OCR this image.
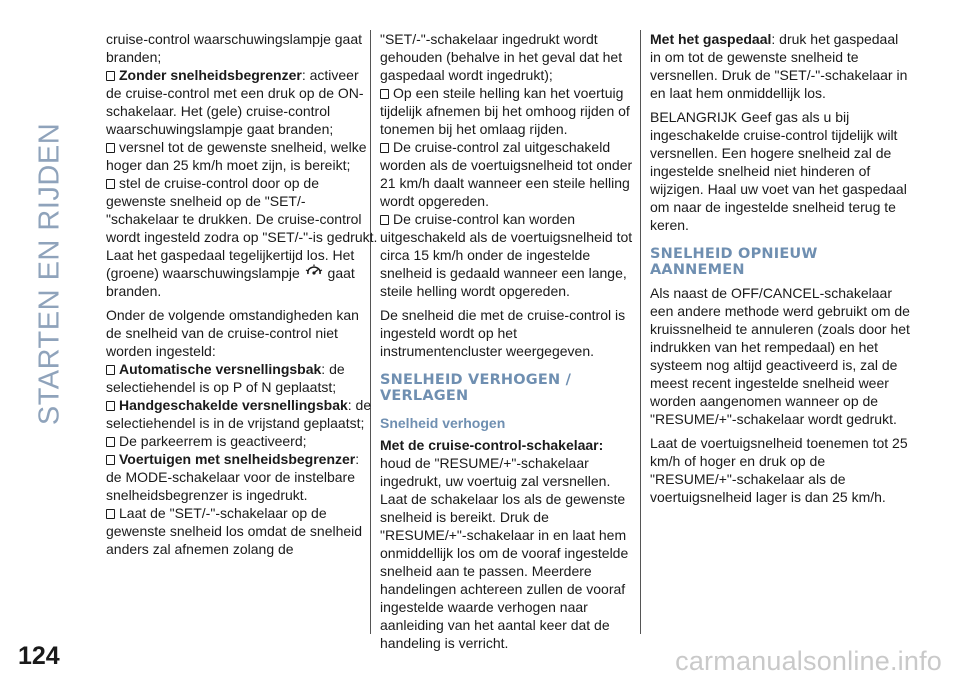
STARTEN EN RIJDEN
124	carmanualsonline.info
cruise-control waarschuwingslampje gaat branden;
Zonder snelheidsbegrenzer: activeer de cruise-control met een druk op de ON-schakelaar. Het (gele) cruise-control waarschuwingslampje gaat branden;
versnel tot de gewenste snelheid, welke hoger dan 25 km/h moet zijn, is bereikt;
stel de cruise-control door op de gewenste snelheid op de "SET/-"schakelaar te drukken. De cruise-control wordt ingesteld zodra op "SET/-"-is gedrukt. Laat het gaspedaal tegelijkertijd los. Het (groene) waarschuwingslampje gaat branden.
Onder de volgende omstandigheden kan de snelheid van de cruise-control niet worden ingesteld:
Automatische versnellingsbak: de selectiehendel is op P of N geplaatst;
Handgeschakelde versnellingsbak: de selectiehendel is in de vrijstand geplaatst;
De parkeerrem is geactiveerd;
Voertuigen met snelheidsbegrenzer: de MODE-schakelaar voor de instelbare snelheidsbegrenzer is ingedrukt.
Laat de "SET/-"-schakelaar op de gewenste snelheid los omdat de snelheid anders zal afnemen zolang de
"SET/-"-schakelaar ingedrukt wordt gehouden (behalve in het geval dat het gaspedaal wordt ingedrukt);
Op een steile helling kan het voertuig tijdelijk afnemen bij het omhoog rijden of tonemen bij het omlaag rijden.
De cruise-control zal uitgeschakeld worden als de voertuigsnelheid tot onder 21 km/h daalt wanneer een steile helling wordt opgereden.
De cruise-control kan worden uitgeschakeld als de voertuigsnelheid tot circa 15 km/h onder de ingestelde snelheid is gedaald wanneer een lange, steile helling wordt opgereden.
De snelheid die met de cruise-control is ingesteld wordt op het instrumentencluster weergegeven.
SNELHEID VERHOGEN / VERLAGEN
Snelheid verhogen
Met de cruise-control-schakelaar:
houd de "RESUME/+"-schakelaar ingedrukt, uw voertuig zal versnellen. Laat de schakelaar los als de gewenste snelheid is bereikt. Druk de "RESUME/+"-schakelaar in en laat hem onmiddellijk los om de vooraf ingestelde snelheid aan te passen. Meerdere handelingen achtereen zullen de vooraf ingestelde waarde verhogen naar aanleiding van het aantal keer dat de handeling is verricht.
Met het gaspedaal: druk het gaspedaal in om tot de gewenste snelheid te versnellen. Druk de "SET/-"-schakelaar in en laat hem onmiddellijk los.
BELANGRIJK Geef gas als u bij ingeschakelde cruise-control tijdelijk wilt versnellen. Een hogere snelheid zal de ingestelde snelheid niet hinderen of wijzigen. Haal uw voet van het gaspedaal om naar de ingestelde snelheid terug te keren.
SNELHEID OPNIEUW AANNEMEN
Als naast de OFF/CANCEL-schakelaar een andere methode werd gebruikt om de kruissnelheid te annuleren (zoals door het indrukken van het rempedaal) en het systeem nog altijd geactiveerd is, zal de meest recent ingestelde snelheid weer worden aangenomen wanneer op de "RESUME/+"-schakelaar wordt gedrukt.
Laat de voertuigsnelheid toenemen tot 25 km/h of hoger en druk op de "RESUME/+"-schakelaar als de voertuigsnelheid lager is dan 25 km/h.
